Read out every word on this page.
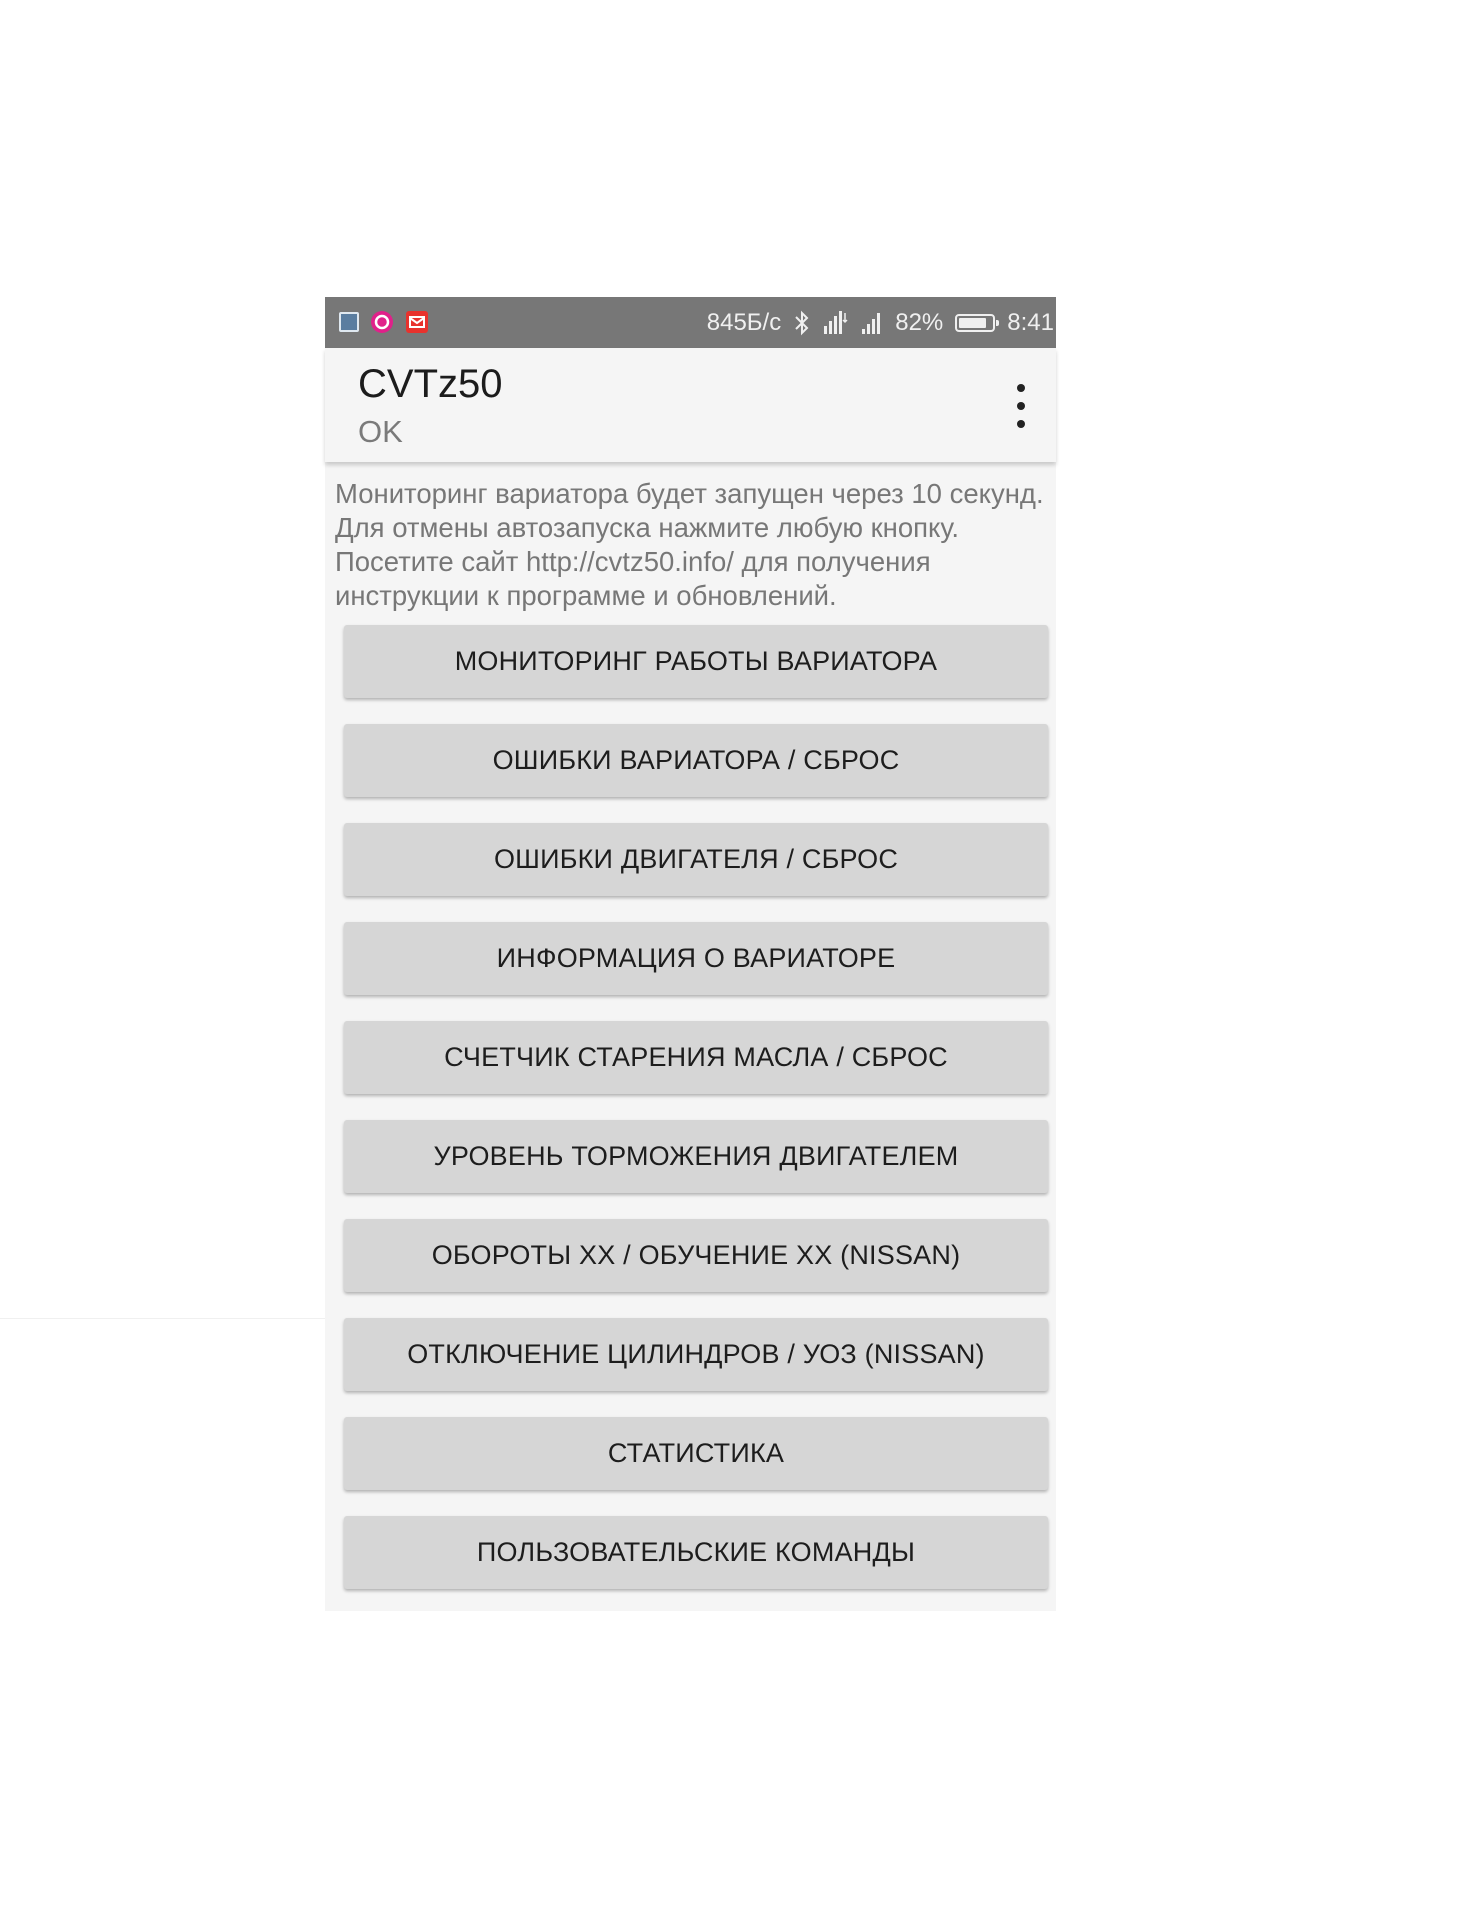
845Б/с	82%	8:41
CVTz50
OK
Мониторинг вариатора будет запущен через 10 секунд. Для отмены автозапуска нажмите любую кнопку. Посетите сайт http://cvtz50.info/ для получения инструкции к программе и обновлений.
МОНИТОРИНГ РАБОТЫ ВАРИАТОРА
ОШИБКИ ВАРИАТОРА / СБРОС
ОШИБКИ ДВИГАТЕЛЯ / СБРОС
ИНФОРМАЦИЯ О ВАРИАТОРЕ
СЧЕТЧИК СТАРЕНИЯ МАСЛА / СБРОС
УРОВЕНЬ ТОРМОЖЕНИЯ ДВИГАТЕЛЕМ
ОБОРОТЫ ХХ / ОБУЧЕНИЕ ХХ (NISSAN)
ОТКЛЮЧЕНИЕ ЦИЛИНДРОВ / УОЗ (NISSAN)
СТАТИСТИКА
ПОЛЬЗОВАТЕЛЬСКИЕ КОМАНДЫ
